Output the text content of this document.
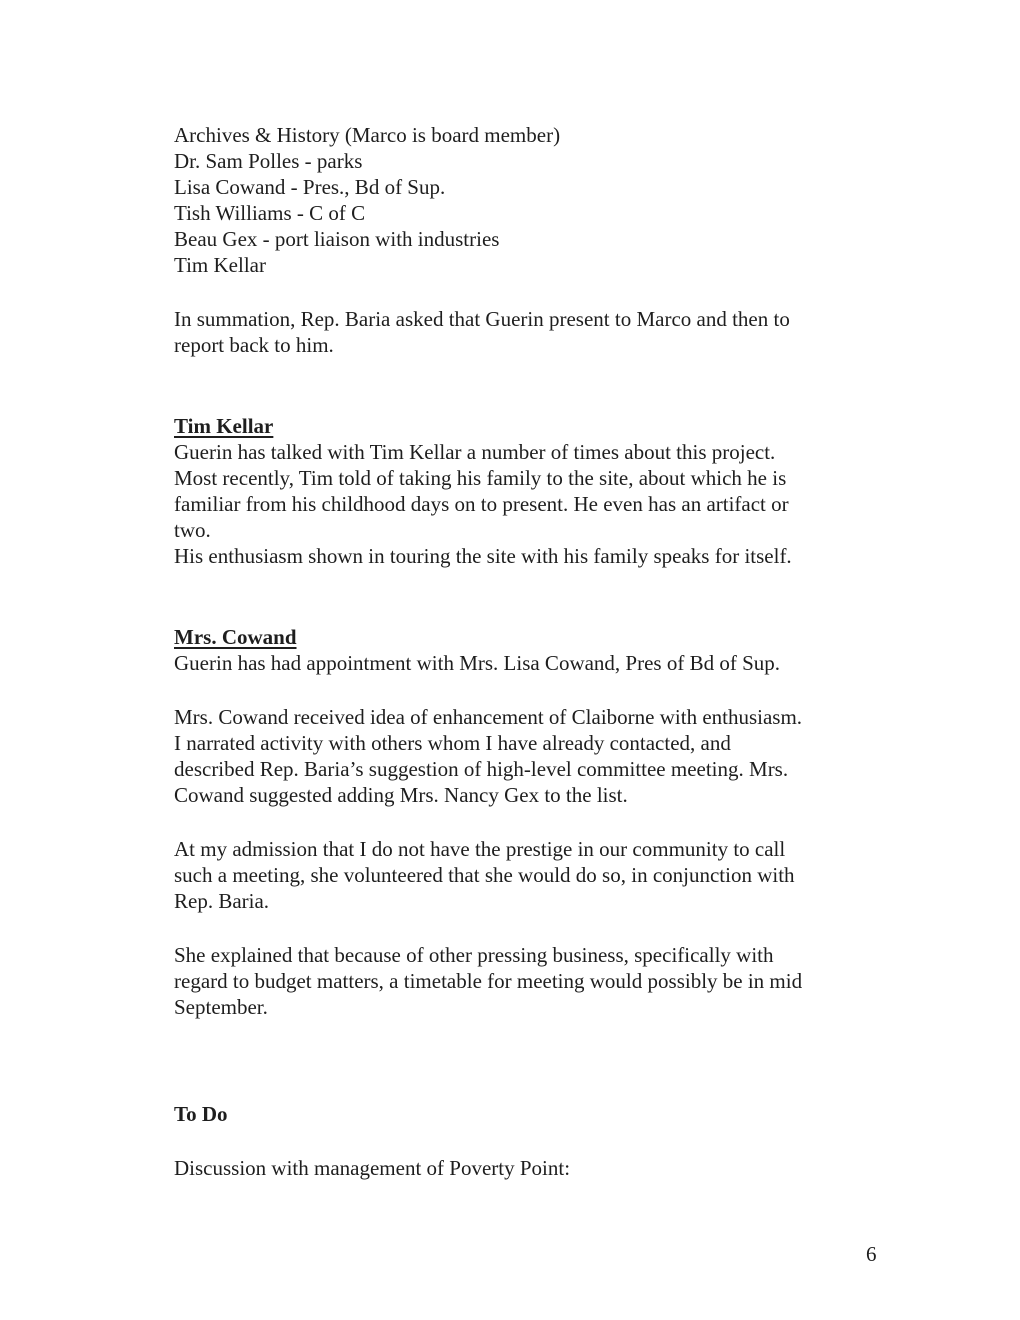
Archives & History (Marco is board member)
Dr. Sam Polles - parks
Lisa Cowand - Pres., Bd of Sup.
Tish Williams - C of C
Beau Gex - port liaison with industries
Tim Kellar
In summation, Rep. Baria asked that Guerin present to Marco and then to
report back to him.
Tim Kellar
Guerin has talked with Tim Kellar a number of times about this project.
Most recently, Tim told of taking his family to the site, about which he is
familiar from his childhood days on to present. He even has an artifact or
two.
His enthusiasm shown in touring the site with his family speaks for itself.
Mrs. Cowand
Guerin has had appointment with Mrs. Lisa Cowand, Pres of Bd of Sup.
Mrs. Cowand received idea of enhancement of Claiborne with enthusiasm.
I narrated activity with others whom I have already contacted, and
described Rep. Baria’s suggestion of high-level committee meeting. Mrs.
Cowand suggested adding Mrs. Nancy Gex to the list.
At my admission that I do not have the prestige in our community to call
such a meeting, she volunteered that she would do so, in conjunction with
Rep. Baria.
She explained that because of other pressing business, specifically with
regard to budget matters, a timetable for meeting would possibly be in mid
September.
To Do
Discussion with management of Poverty Point:
6
